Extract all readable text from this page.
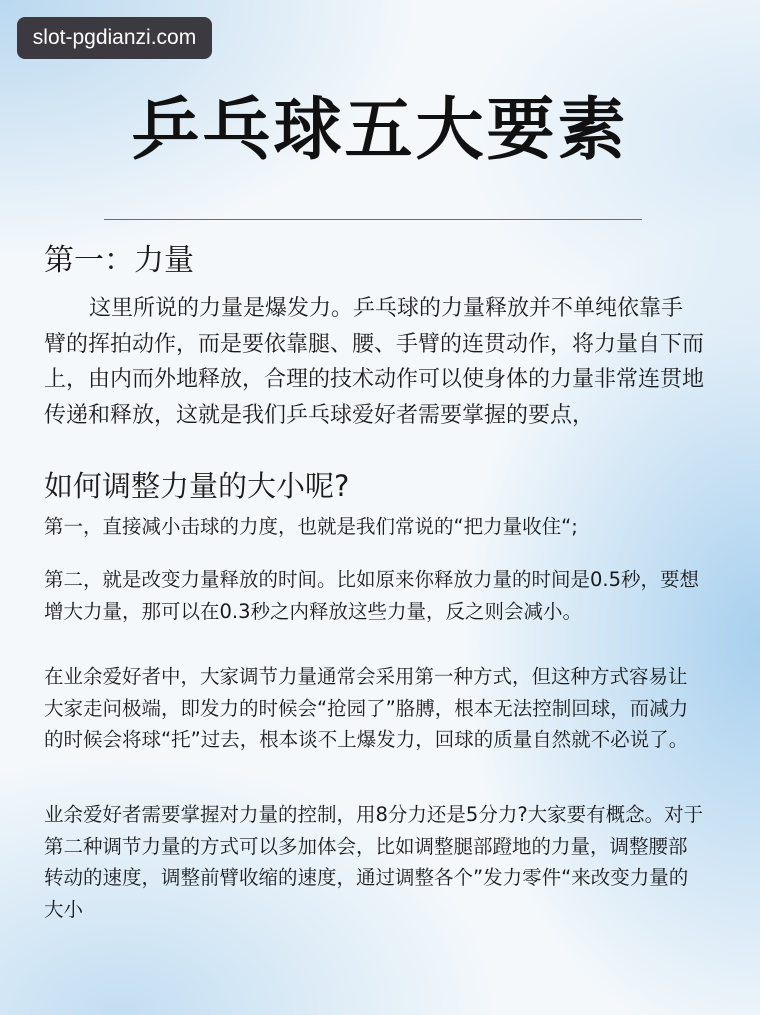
slot-pgdianzi.com
乒乓球五大要素
第一：力量

这里所说的力量是爆发力。乒乓球的力量释放并不单纯依靠手臂的挥拍动作，而是要依靠腿、腰、手臂的连贯动作，将力量自下而上，由内而外地释放，合理的技术动作可以使身体的力量非常连贯地传递和释放，这就是我们乒乓球爱好者需要掌握的要点，

如何调整力量的大小呢?

第一，直接减小击球的力度，也就是我们常说的“把力量收住“;

第二，就是改变力量释放的时间。比如原来你释放力量的时间是0.5秒，要想增大力量，那可以在0.3秒之内释放这些力量，反之则会减小。

在业余爱好者中，大家调节力量通常会采用第一种方式，但这种方式容易让大家走问极端，即发力的时候会“抢园了”胳膊，根本无法控制回球，而减力的时候会将球“托”过去，根本谈不上爆发力，回球的质量自然就不必说了。

业余爱好者需要掌握对力量的控制，用8分力还是5分力?大家要有概念。对于第二种调节力量的方式可以多加体会，比如调整腿部蹬地的力量，调整腰部转动的速度，调整前臂收缩的速度，通过调整各个”发力零件“来改变力量的大小
